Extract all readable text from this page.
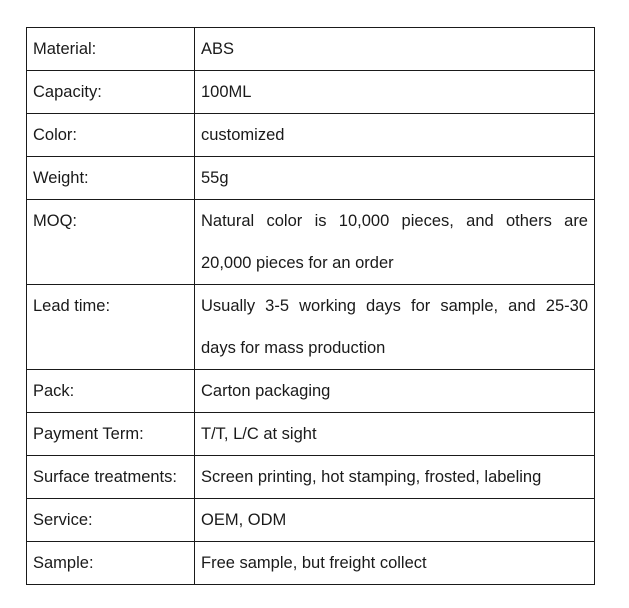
Material:	ABS
Capacity:	100ML
Color:	customized
Weight:	55g
MOQ:	Natural color is 10,000 pieces, and others are 20,000 pieces for an order
Lead time:	Usually 3-5 working days for sample, and 25-30 days for mass production
Pack:	Carton packaging
Payment Term:	T/T, L/C at sight
Surface treatments:	Screen printing, hot stamping, frosted, labeling
Service:	OEM, ODM
Sample:	Free sample, but freight collect
